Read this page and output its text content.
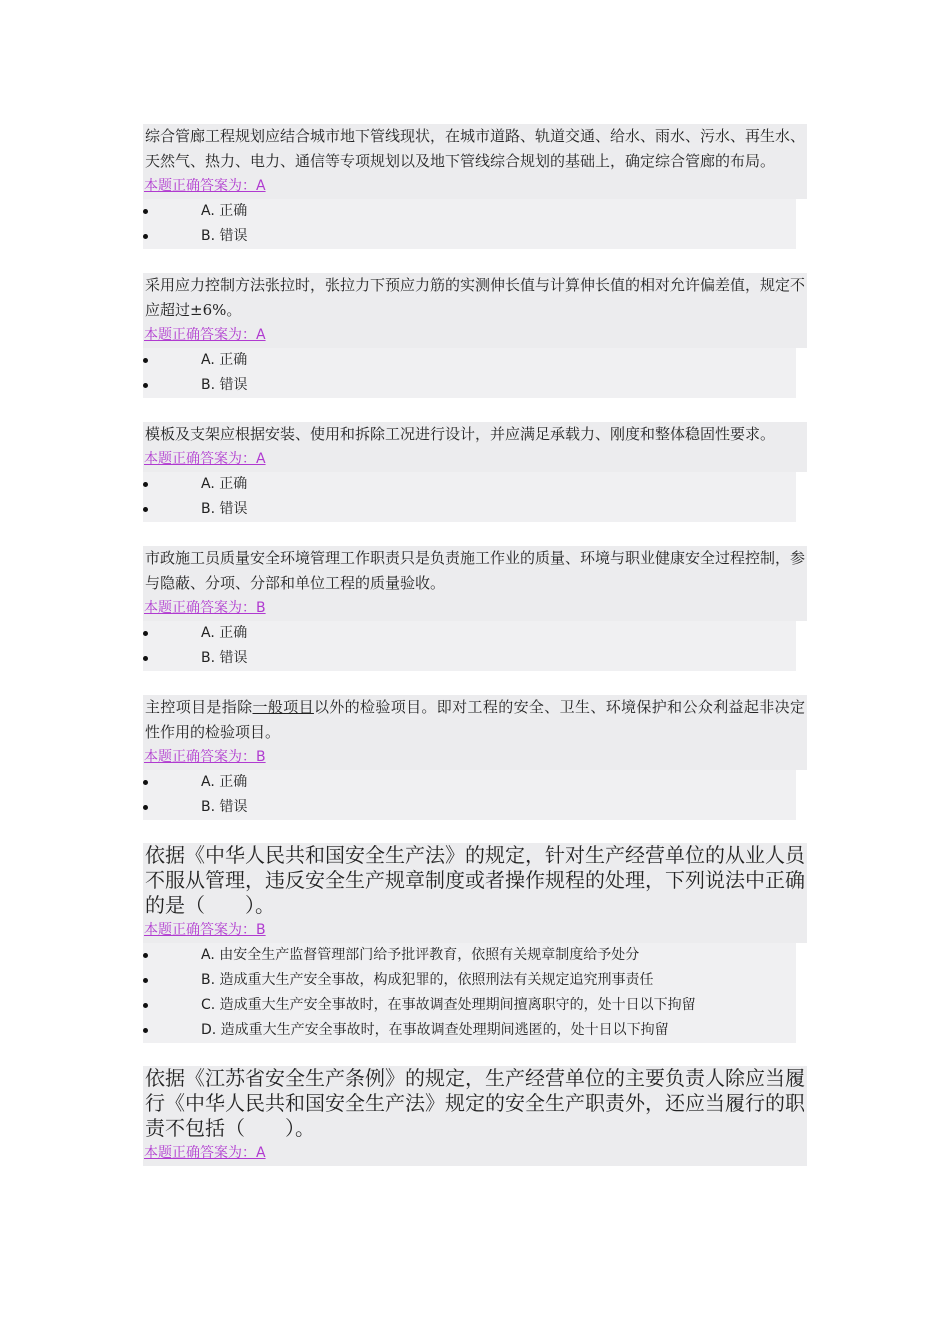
综合管廊工程规划应结合城市地下管线现状，在城市道路、轨道交通、给水、雨水、污水、再生水、天然气、热力、电力、通信等专项规划以及地下管线综合规划的基础上，确定综合管廊的布局。
本题正确答案为：A
A. 正确
B. 错误
采用应力控制方法张拉时，张拉力下预应力筋的实测伸长值与计算伸长值的相对允许偏差值，规定不应超过±6%。
本题正确答案为：A
A. 正确
B. 错误
模板及支架应根据安装、使用和拆除工况进行设计，并应满足承载力、刚度和整体稳固性要求。
本题正确答案为：A
A. 正确
B. 错误
市政施工员质量安全环境管理工作职责只是负责施工作业的质量、环境与职业健康安全过程控制，参与隐蔽、分项、分部和单位工程的质量验收。
本题正确答案为：B
A. 正确
B. 错误
主控项目是指除一般项目以外的检验项目。即对工程的安全、卫生、环境保护和公众利益起非决定性作用的检验项目。
本题正确答案为：B
A. 正确
B. 错误
依据《中华人民共和国安全生产法》的规定，针对生产经营单位的从业人员不服从管理，违反安全生产规章制度或者操作规程的处理，下列说法中正确的是（　　）。
本题正确答案为：B
A. 由安全生产监督管理部门给予批评教育，依照有关规章制度给予处分
B. 造成重大生产安全事故，构成犯罪的，依照刑法有关规定追究刑事责任
C. 造成重大生产安全事故时，在事故调查处理期间擅离职守的，处十日以下拘留
D. 造成重大生产安全事故时，在事故调查处理期间逃匿的，处十日以下拘留
依据《江苏省安全生产条例》的规定，生产经营单位的主要负责人除应当履行《中华人民共和国安全生产法》规定的安全生产职责外，还应当履行的职责不包括（　　）。
本题正确答案为：A
